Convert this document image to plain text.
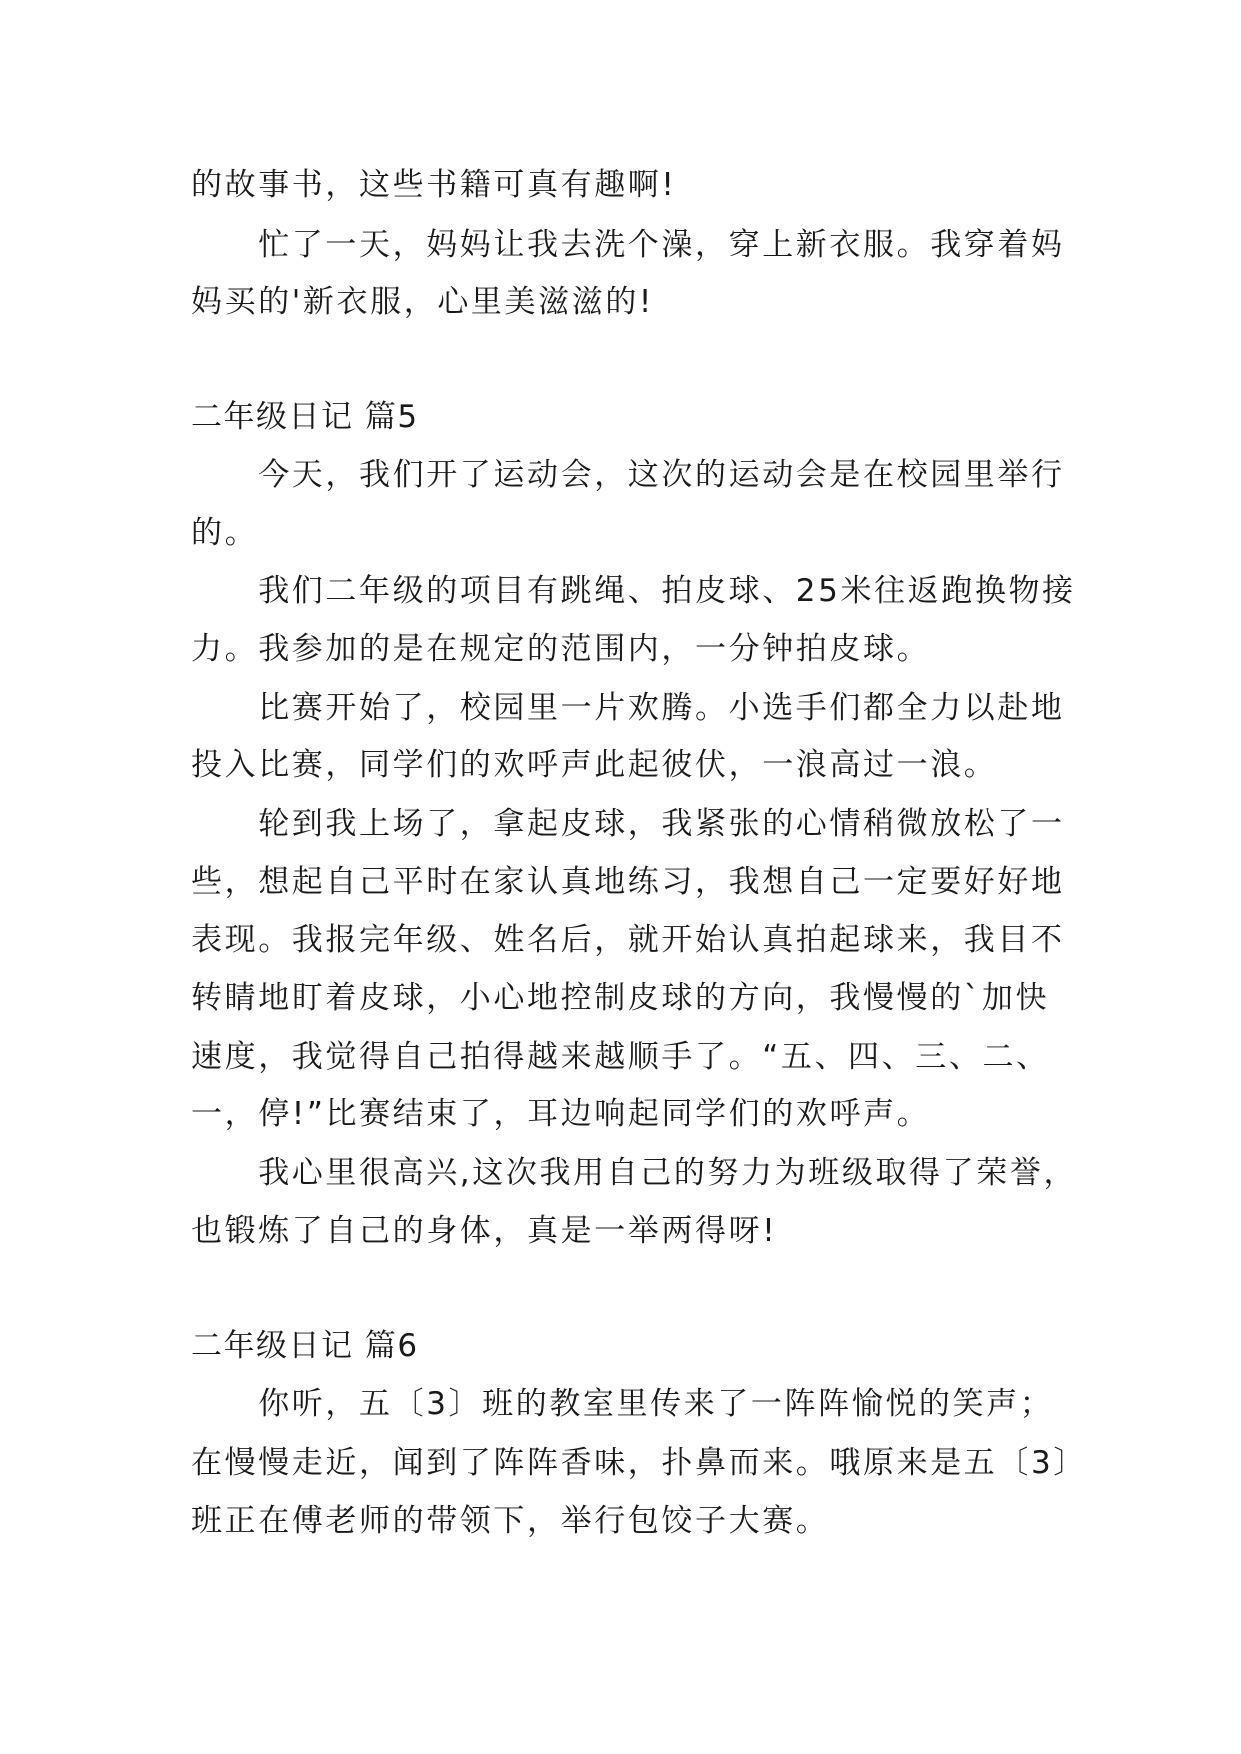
的故事书，这些书籍可真有趣啊!
　　忙了一天，妈妈让我去洗个澡，穿上新衣服。我穿着妈
妈买的'新衣服，心里美滋滋的!
二年级日记 篇5
　　今天，我们开了运动会，这次的运动会是在校园里举行
的。
　　我们二年级的项目有跳绳、拍皮球、25米往返跑换物接
力。我参加的是在规定的范围内，一分钟拍皮球。
　　比赛开始了，校园里一片欢腾。小选手们都全力以赴地
投入比赛，同学们的欢呼声此起彼伏，一浪高过一浪。
　　轮到我上场了，拿起皮球，我紧张的心情稍微放松了一
些，想起自己平时在家认真地练习，我想自己一定要好好地
表现。我报完年级、姓名后，就开始认真拍起球来，我目不
转睛地盯着皮球，小心地控制皮球的方向，我慢慢的`加快
速度，我觉得自己拍得越来越顺手了。“五、四、三、二、
一，停!”比赛结束了，耳边响起同学们的欢呼声。
　　我心里很高兴,这次我用自己的努力为班级取得了荣誉，
也锻炼了自己的身体，真是一举两得呀!
二年级日记 篇6
　　你听，五〔3〕班的教室里传来了一阵阵愉悦的笑声；
在慢慢走近，闻到了阵阵香味，扑鼻而来。哦原来是五〔3〕
班正在傅老师的带领下，举行包饺子大赛。
